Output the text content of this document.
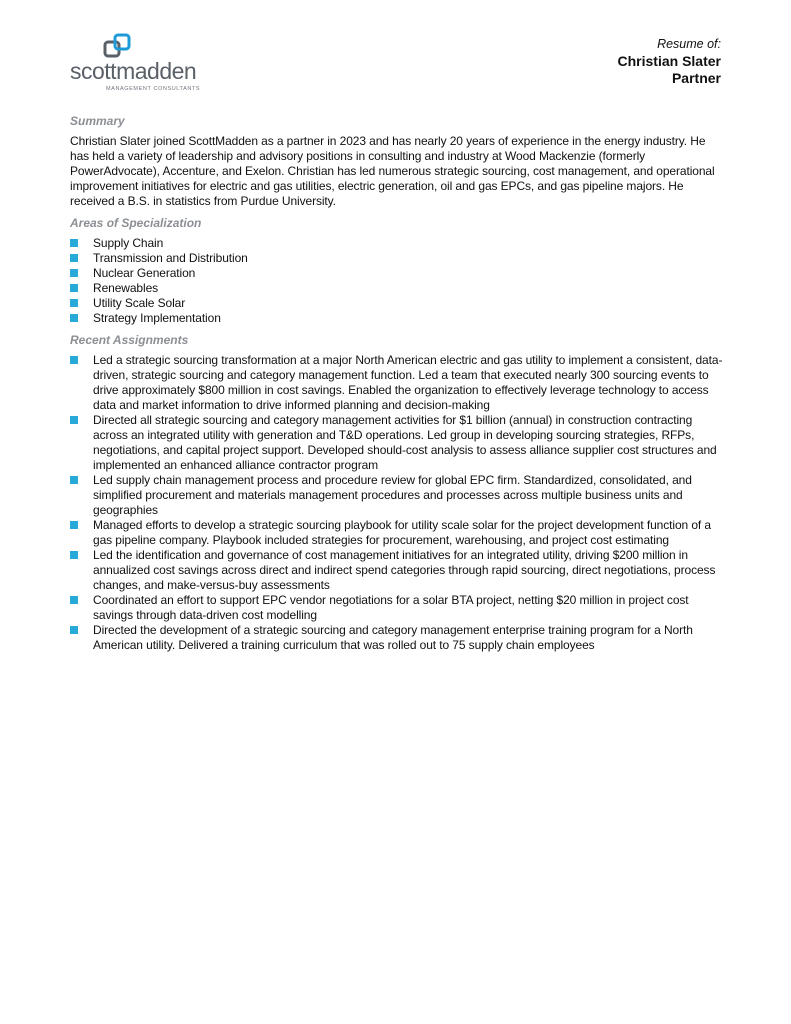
scottmadden
MANAGEMENT CONSULTANTS
Resume of:
Christian Slater
Partner
Summary

Christian Slater joined ScottMadden as a partner in 2023 and has nearly 20 years of experience in the energy industry. He has held a variety of leadership and advisory positions in consulting and industry at Wood Mackenzie (formerly PowerAdvocate), Accenture, and Exelon. Christian has led numerous strategic sourcing, cost management, and operational improvement initiatives for electric and gas utilities, electric generation, oil and gas EPCs, and gas pipeline majors. He received a B.S. in statistics from Purdue University.

Areas of Specialization
Supply Chain
Transmission and Distribution
Nuclear Generation
Renewables
Utility Scale Solar
Strategy Implementation
Recent Assignments
Led a strategic sourcing transformation at a major North American electric and gas utility to implement a consistent, data-driven, strategic sourcing and category management function. Led a team that executed nearly 300 sourcing events to drive approximately $800 million in cost savings. Enabled the organization to effectively leverage technology to access data and market information to drive informed planning and decision-making
Directed all strategic sourcing and category management activities for $1 billion (annual) in construction contracting across an integrated utility with generation and T&D operations. Led group in developing sourcing strategies, RFPs, negotiations, and capital project support. Developed should-cost analysis to assess alliance supplier cost structures and implemented an enhanced alliance contractor program
Led supply chain management process and procedure review for global EPC firm. Standardized, consolidated, and simplified procurement and materials management procedures and processes across multiple business units and geographies
Managed efforts to develop a strategic sourcing playbook for utility scale solar for the project development function of a gas pipeline company. Playbook included strategies for procurement, warehousing, and project cost estimating
Led the identification and governance of cost management initiatives for an integrated utility, driving $200 million in annualized cost savings across direct and indirect spend categories through rapid sourcing, direct negotiations, process changes, and make-versus-buy assessments
Coordinated an effort to support EPC vendor negotiations for a solar BTA project, netting $20 million in project cost savings through data-driven cost modelling
Directed the development of a strategic sourcing and category management enterprise training program for a North American utility. Delivered a training curriculum that was rolled out to 75 supply chain employees
